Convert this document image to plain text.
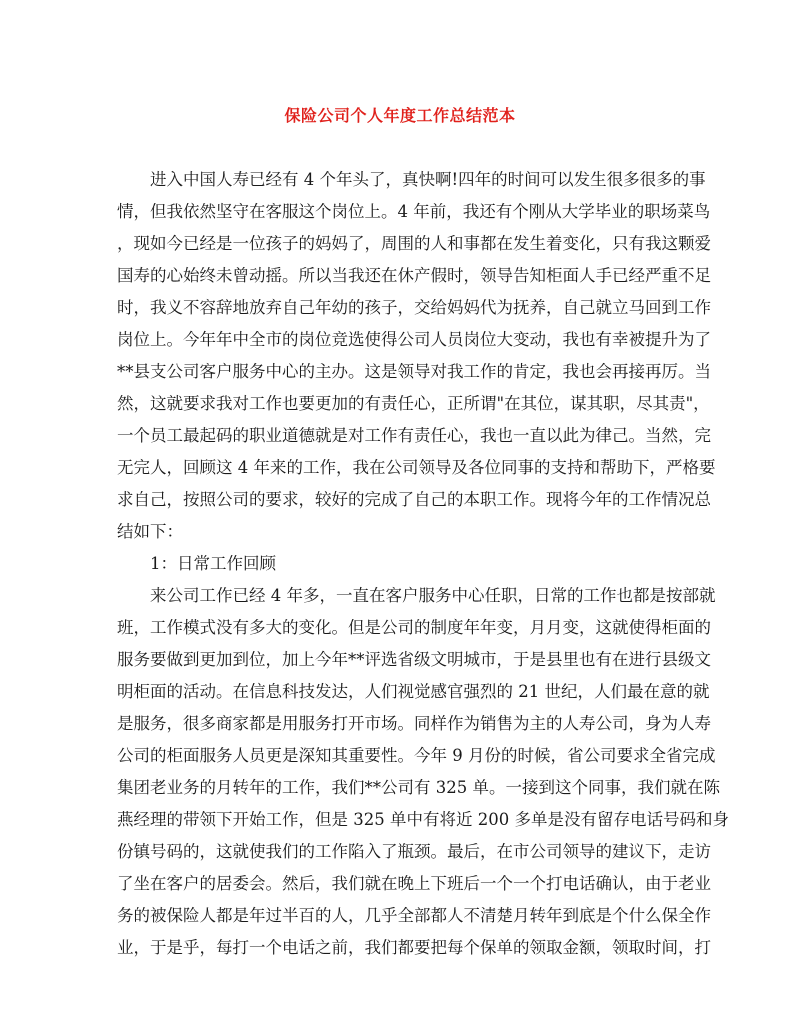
保险公司个人年度工作总结范本
进入中国人寿已经有 4 个年头了，真快啊!四年的时间可以发生很多很多的事
情，但我依然坚守在客服这个岗位上。4 年前，我还有个刚从大学毕业的职场菜鸟
，现如今已经是一位孩子的妈妈了，周围的人和事都在发生着变化，只有我这颗爱
国寿的心始终未曾动摇。所以当我还在休产假时，领导告知柜面人手已经严重不足
时，我义不容辞地放弃自己年幼的孩子，交给妈妈代为抚养，自己就立马回到工作
岗位上。今年年中全市的岗位竞选使得公司人员岗位大变动，我也有幸被提升为了
**县支公司客户服务中心的主办。这是领导对我工作的肯定，我也会再接再厉。当
然，这就要求我对工作也要更加的有责任心，正所谓"在其位，谋其职，尽其责"，
一个员工最起码的职业道德就是对工作有责任心，我也一直以此为律己。当然，完
无完人，回顾这 4 年来的工作，我在公司领导及各位同事的支持和帮助下，严格要
求自己，按照公司的要求，较好的完成了自己的本职工作。现将今年的工作情况总
结如下：
1：日常工作回顾
来公司工作已经 4 年多，一直在客户服务中心任职，日常的工作也都是按部就
班，工作模式没有多大的变化。但是公司的制度年年变，月月变，这就使得柜面的
服务要做到更加到位，加上今年**评选省级文明城市，于是县里也有在进行县级文
明柜面的活动。在信息科技发达，人们视觉感官强烈的 21 世纪，人们最在意的就
是服务，很多商家都是用服务打开市场。同样作为销售为主的人寿公司，身为人寿
公司的柜面服务人员更是深知其重要性。今年 9 月份的时候，省公司要求全省完成
集团老业务的月转年的工作，我们**公司有 325 单。一接到这个同事，我们就在陈
燕经理的带领下开始工作，但是 325 单中有将近 200 多单是没有留存电话号码和身
份镇号码的，这就使我们的工作陷入了瓶颈。最后，在市公司领导的建议下，走访
了坐在客户的居委会。然后，我们就在晚上下班后一个一个打电话确认，由于老业
务的被保险人都是年过半百的人，几乎全部都人不清楚月转年到底是个什么保全作
业，于是乎，每打一个电话之前，我们都要把每个保单的领取金额，领取时间，打
